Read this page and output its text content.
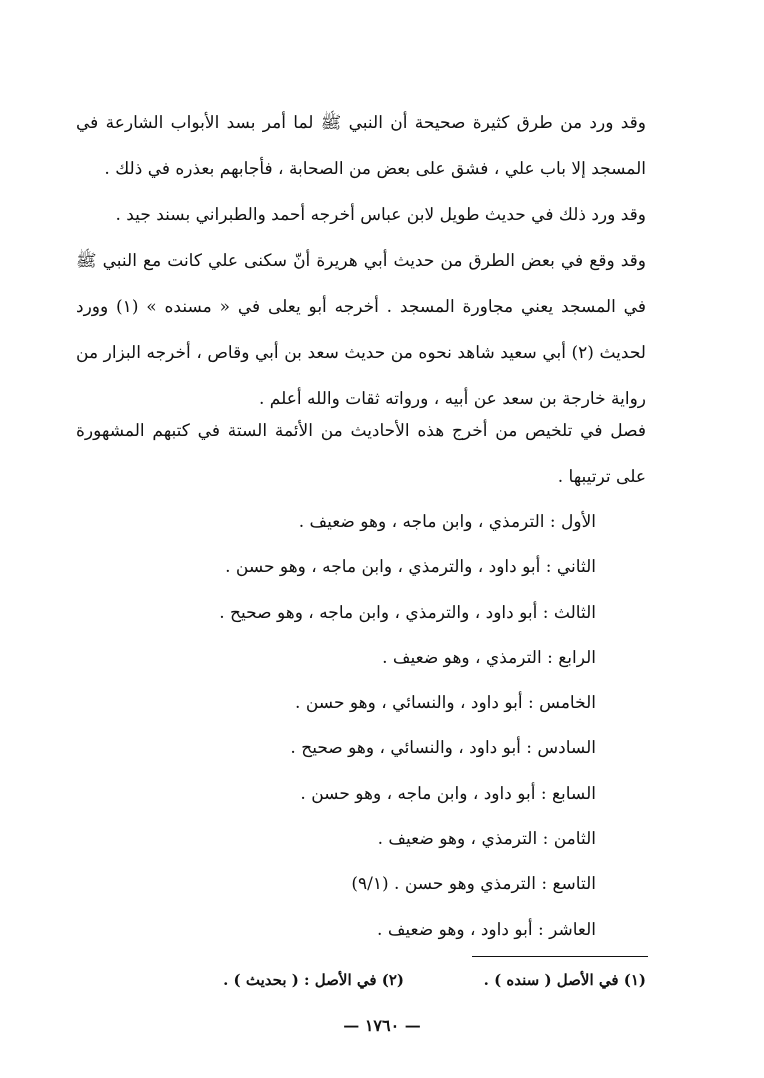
وقد ورد من طرق كثيرة صحيحة أن النبي ﷺ لما أمر بسد الأبواب الشارعة في المسجد إلا باب علي ، فشق على بعض من الصحابة ، فأجابهم بعذره في ذلك .

وقد ورد ذلك في حديث طويل لابن عباس أخرجه أحمد والطبراني بسند جيد .

وقد وقع في بعض الطرق من حديث أبي هريرة أنّ سكنى علي كانت مع النبي ﷺ في المسجد يعني مجاورة المسجد . أخرجه أبو يعلى في « مسنده » (١) وورد لحديث (٢) أبي سعيد شاهد نحوه من حديث سعد بن أبي وقاص ، أخرجه البزار من رواية خارجة بن سعد عن أبيه ، ورواته ثقات والله أعلم .

فصل في تلخيص من أخرج هذه الأحاديث من الأئمة الستة في كتبهم المشهورة على ترتيبها .

الأول : الترمذي ، وابن ماجه ، وهو ضعيف .
الثاني : أبو داود ، والترمذي ، وابن ماجه ، وهو حسن .
الثالث : أبو داود ، والترمذي ، وابن ماجه ، وهو صحيح .
الرابع : الترمذي ، وهو ضعيف .
الخامس : أبو داود ، والنسائي ، وهو حسن .
السادس : أبو داود ، والنسائي ، وهو صحيح .
السابع : أبو داود ، وابن ماجه ، وهو حسن .
الثامن : الترمذي ، وهو ضعيف .
التاسع : الترمذي وهو حسن . (٩/١)
العاشر : أبو داود ، وهو ضعيف .
(١) في الأصل ( سنده ) .
(٢) في الأصل : ( بحديث ) .
— ١٧٦٠ —
